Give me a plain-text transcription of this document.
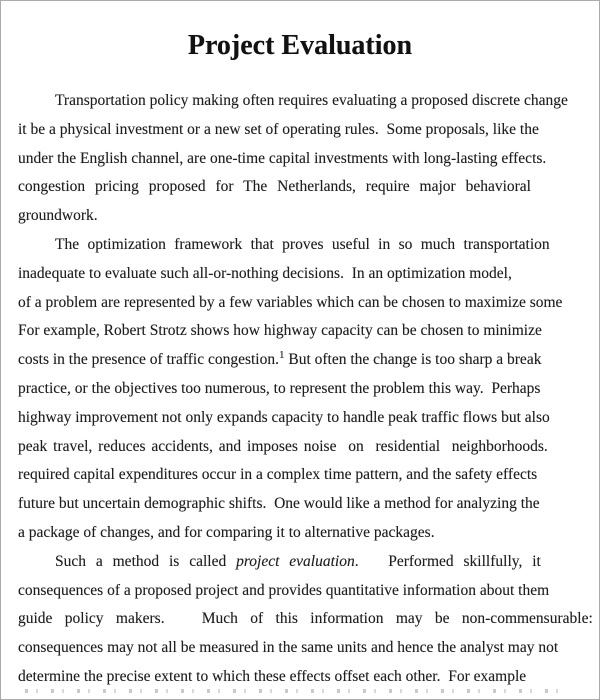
Project Evaluation
Transportation policy making often requires evaluating a proposed discrete change
it be a physical investment or a new set of operating rules.  Some proposals, like the
under the English channel, are one-time capital investments with long-lasting effects.
congestion pricing proposed for The Netherlands, require major behavioral
groundwork.
The optimization framework that proves useful in so much transportation
inadequate to evaluate such all-or-nothing decisions.  In an optimization model,
of a problem are represented by a few variables which can be chosen to maximize some
For example, Robert Strotz shows how highway capacity can be chosen to minimize
costs in the presence of traffic congestion.$^1$ But often the change is too sharp a break
practice, or the objectives too numerous, to represent the problem this way.  Perhaps
highway improvement not only expands capacity to handle peak traffic flows but also
peak travel, reduces accidents, and imposes noise  on  residential  neighborhoods.
required capital expenditures occur in a complex time pattern, and the safety effects
future but uncertain demographic shifts.  One would like a method for analyzing the
a package of changes, and for comparing it to alternative packages.
Such a method is called project evaluation.   Performed skillfully, it
consequences of a proposed project and provides quantitative information about them
guide policy makers.   Much of this information may be non-commensurable:
consequences may not all be measured in the same units and hence the analyst may not
determine the precise extent to which these effects offset each other.  For example
